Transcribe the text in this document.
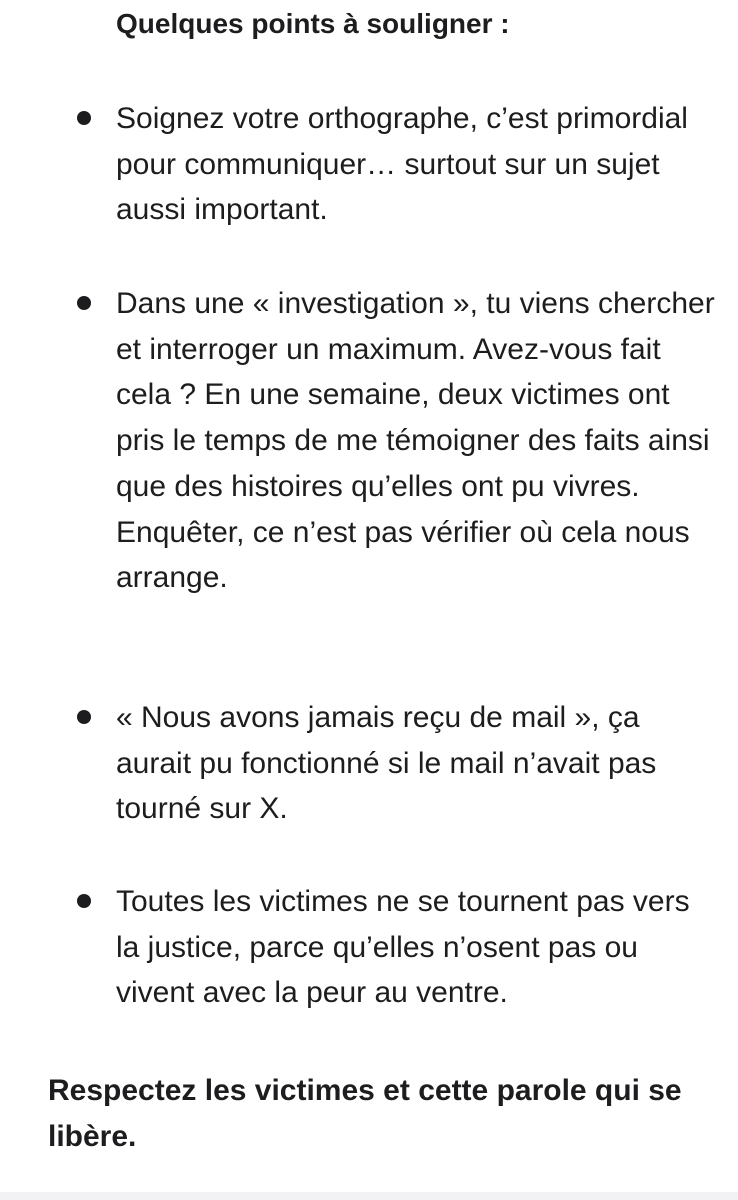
Quelques points à souligner :
Soignez votre orthographe, c’est primordial pour communiquer… surtout sur un sujet aussi important.
Dans une « investigation », tu viens chercher et interroger un maximum. Avez-vous fait cela ? En une semaine, deux victimes ont pris le temps de me témoigner des faits ainsi que des histoires qu’elles ont pu vivres. Enquêter, ce n’est pas vérifier où cela nous arrange.
« Nous avons jamais reçu de mail », ça aurait pu fonctionné si le mail n’avait pas tourné sur X.
Toutes les victimes ne se tournent pas vers la justice, parce qu’elles n’osent pas ou vivent avec la peur au ventre.
Respectez les victimes et cette parole qui se libère.
